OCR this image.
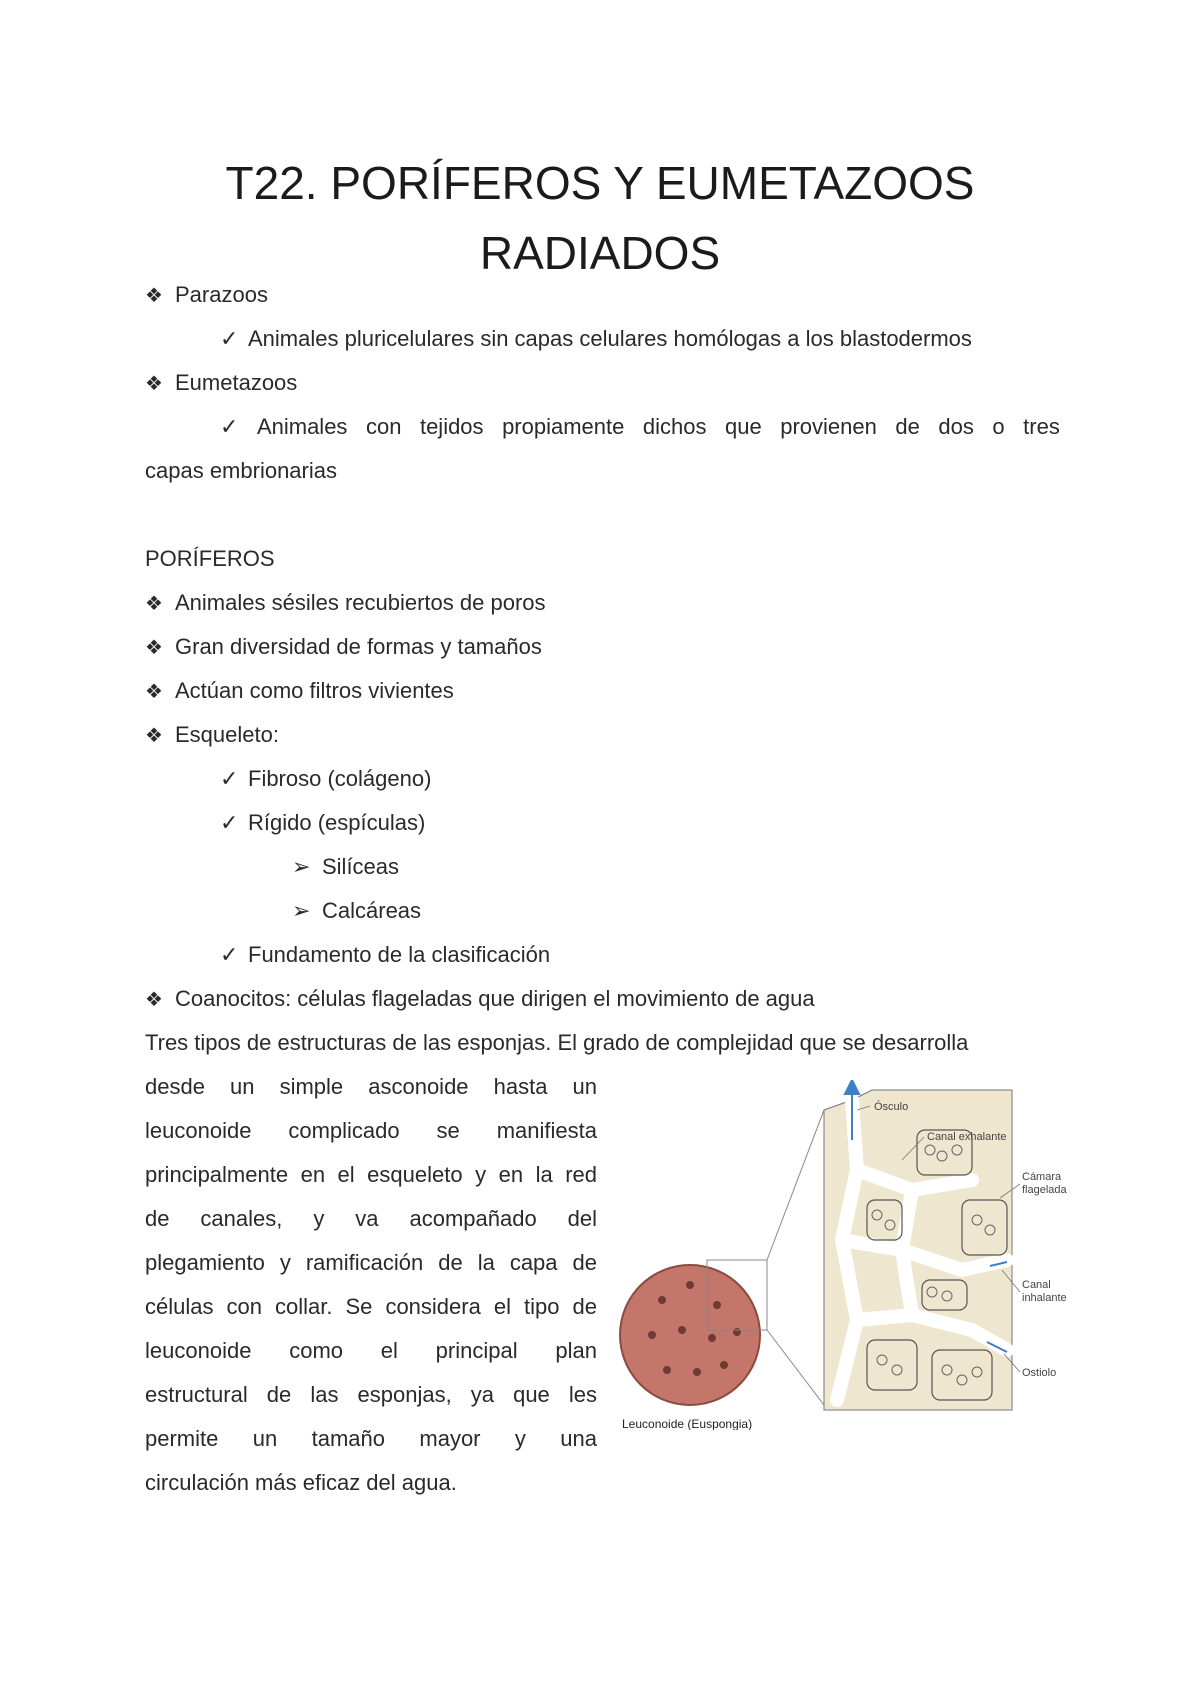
T22. PORÍFEROS Y EUMETAZOOS
RADIADOS
❖ Parazoos
✓ Animales pluricelulares sin capas celulares homólogas a los blastodermos
❖ Eumetazoos
✓ Animales con tejidos propiamente dichos que provienen de dos o tres
capas embrionarias
PORÍFEROS
❖ Animales sésiles recubiertos de poros
❖ Gran diversidad de formas y tamaños
❖ Actúan como filtros vivientes
❖ Esqueleto:
✓ Fibroso (colágeno)
✓ Rígido (espículas)
➢ Silíceas
➢ Calcáreas
✓ Fundamento de la clasificación
❖ Coanocitos: células flageladas que dirigen el movimiento de agua
Tres tipos de estructuras de las esponjas. El grado de complejidad que se desarrolla
desde un simple asconoide hasta un
leuconoide complicado se manifiesta
principalmente en el esqueleto y en la red
de canales, y va acompañado del
plegamiento y ramificación de la capa de
células con collar. Se considera el tipo de
leuconoide como el principal plan
estructural de las esponjas, ya que les
permite un tamaño mayor y una
circulación más eficaz del agua.
Ósculo
Canal exhalante
Cámara
flagelada
Canal
inhalante
Ostiolo
Leuconoide (Euspongia)
